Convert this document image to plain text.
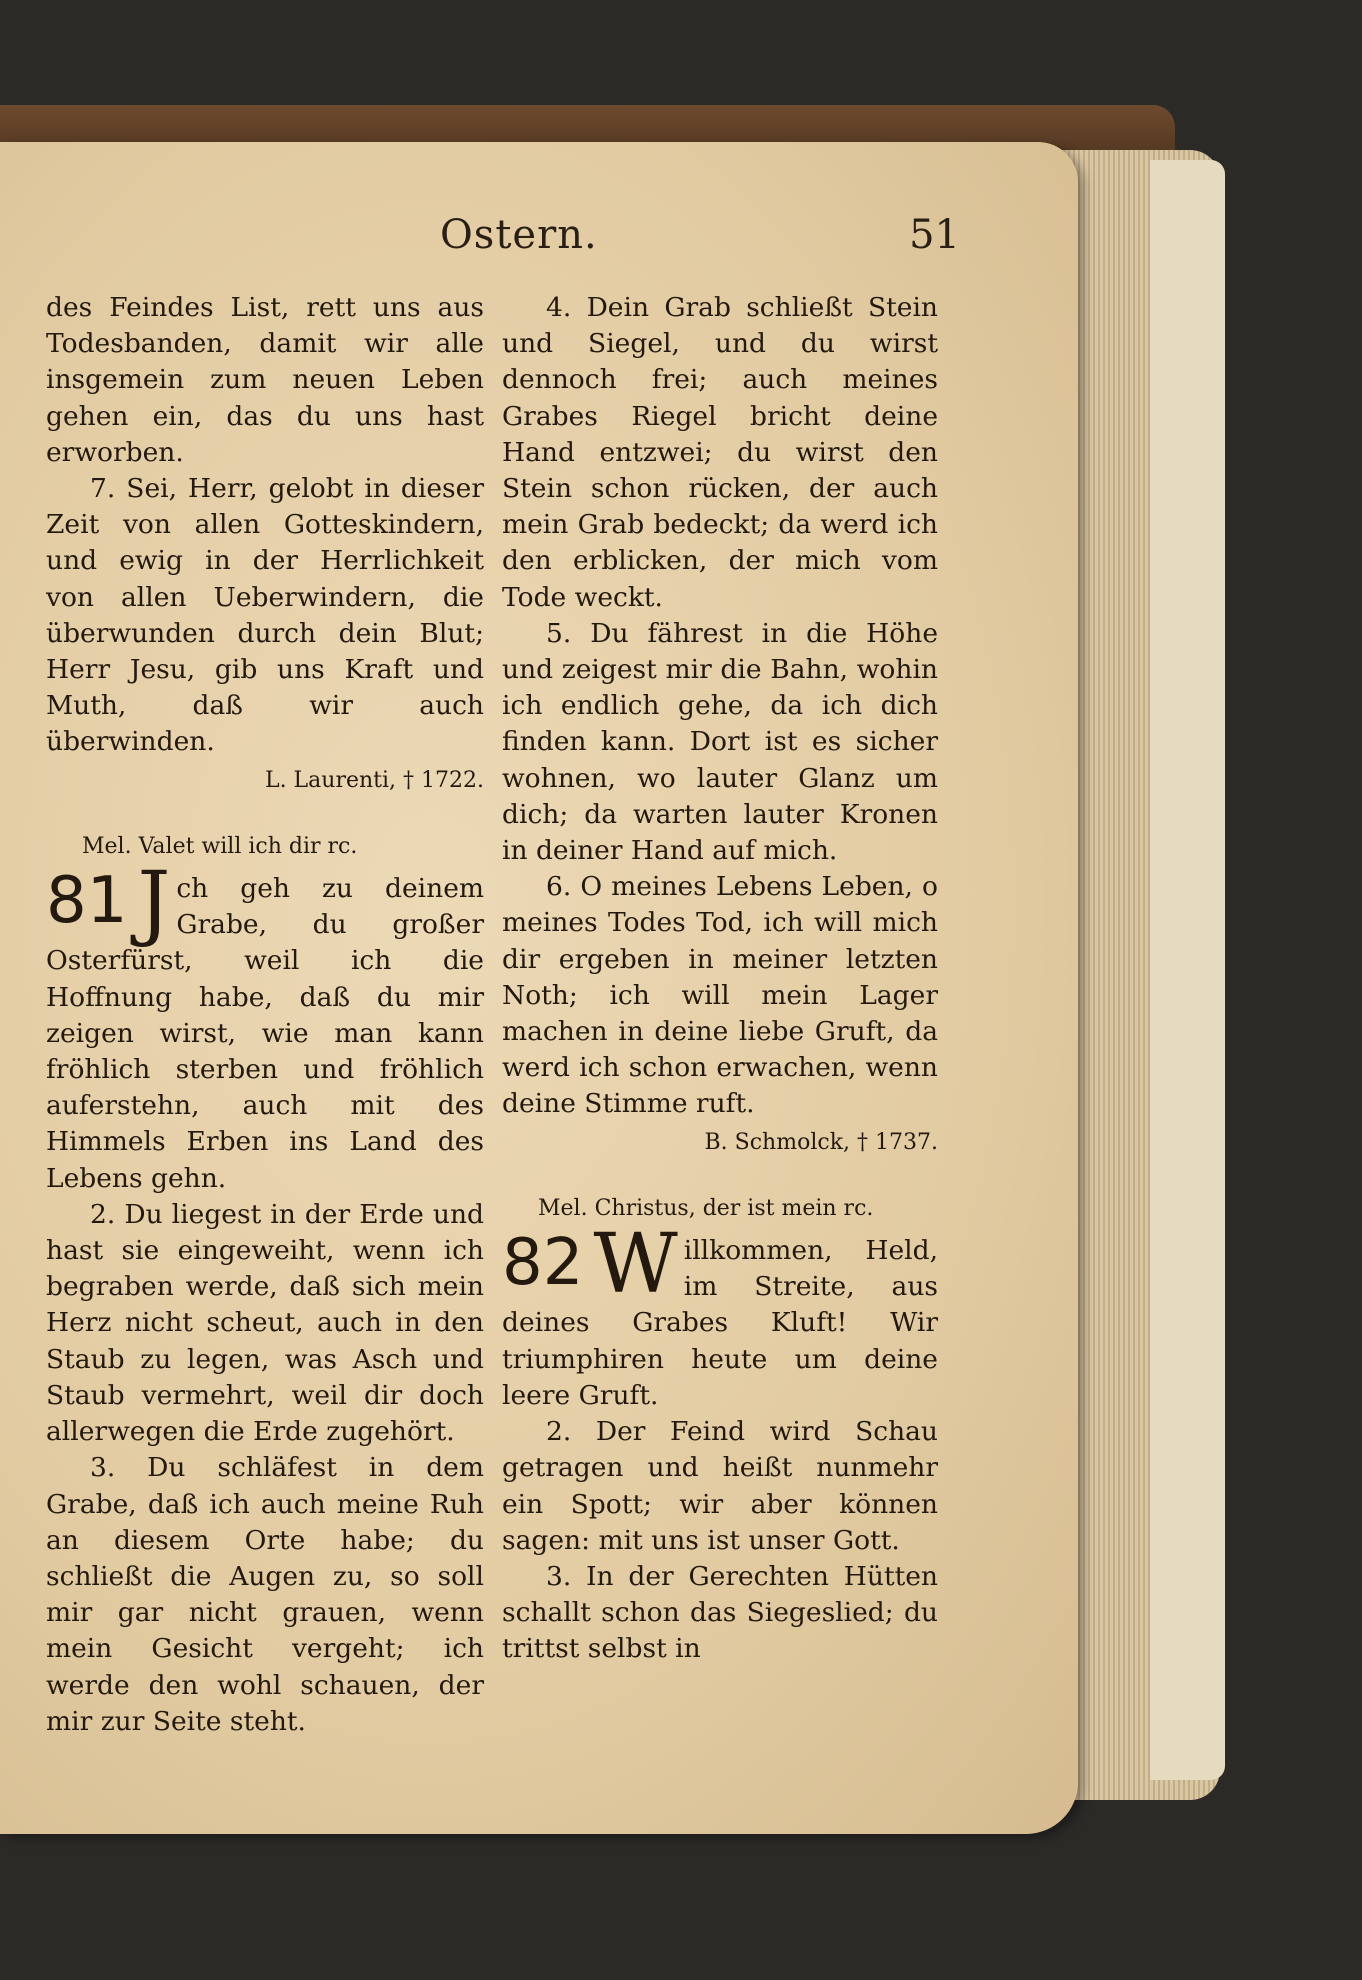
Ostern.	51

des Feindes List, rett uns aus Todesbanden, damit wir alle insgemein zum neuen Leben gehen ein, das du uns hast erworben.

7. Sei, Herr, gelobt in dieser Zeit von allen Gotteskindern, und ewig in der Herrlichkeit von allen Ueberwindern, die überwunden durch dein Blut; Herr Jesu, gib uns Kraft und Muth, daß wir auch überwinden.

L. Laurenti, † 1722.

Mel. Valet will ich dir rc.

81 J ch geh zu deinem Grabe, du großer Osterfürst, weil ich die Hoffnung habe, daß du mir zeigen wirst, wie man kann fröhlich sterben und fröhlich auferstehn, auch mit des Himmels Erben ins Land des Lebens gehn.

2. Du liegest in der Erde und hast sie eingeweiht, wenn ich begraben werde, daß sich mein Herz nicht scheut, auch in den Staub zu legen, was Asch und Staub vermehrt, weil dir doch allerwegen die Erde zugehört.

3. Du schläfest in dem Grabe, daß ich auch meine Ruh an diesem Orte habe; du schließt die Augen zu, so soll mir gar nicht grauen, wenn mein Gesicht vergeht; ich werde den wohl schauen, der mir zur Seite steht.

4. Dein Grab schließt Stein und Siegel, und du wirst dennoch frei; auch meines Grabes Riegel bricht deine Hand entzwei; du wirst den Stein schon rücken, der auch mein Grab bedeckt; da werd ich den erblicken, der mich vom Tode weckt.

5. Du fährest in die Höhe und zeigest mir die Bahn, wohin ich endlich gehe, da ich dich finden kann. Dort ist es sicher wohnen, wo lauter Glanz um dich; da warten lauter Kronen in deiner Hand auf mich.

6. O meines Lebens Leben, o meines Todes Tod, ich will mich dir ergeben in meiner letzten Noth; ich will mein Lager machen in deine liebe Gruft, da werd ich schon erwachen, wenn deine Stimme ruft.

B. Schmolck, † 1737.

Mel. Christus, der ist mein rc.

82 W illkommen, Held, im Streite, aus deines Grabes Kluft! Wir triumphiren heute um deine leere Gruft.

2. Der Feind wird Schau getragen und heißt nunmehr ein Spott; wir aber können sagen: mit uns ist unser Gott.

3. In der Gerechten Hütten schallt schon das Siegeslied; du trittst selbst in
